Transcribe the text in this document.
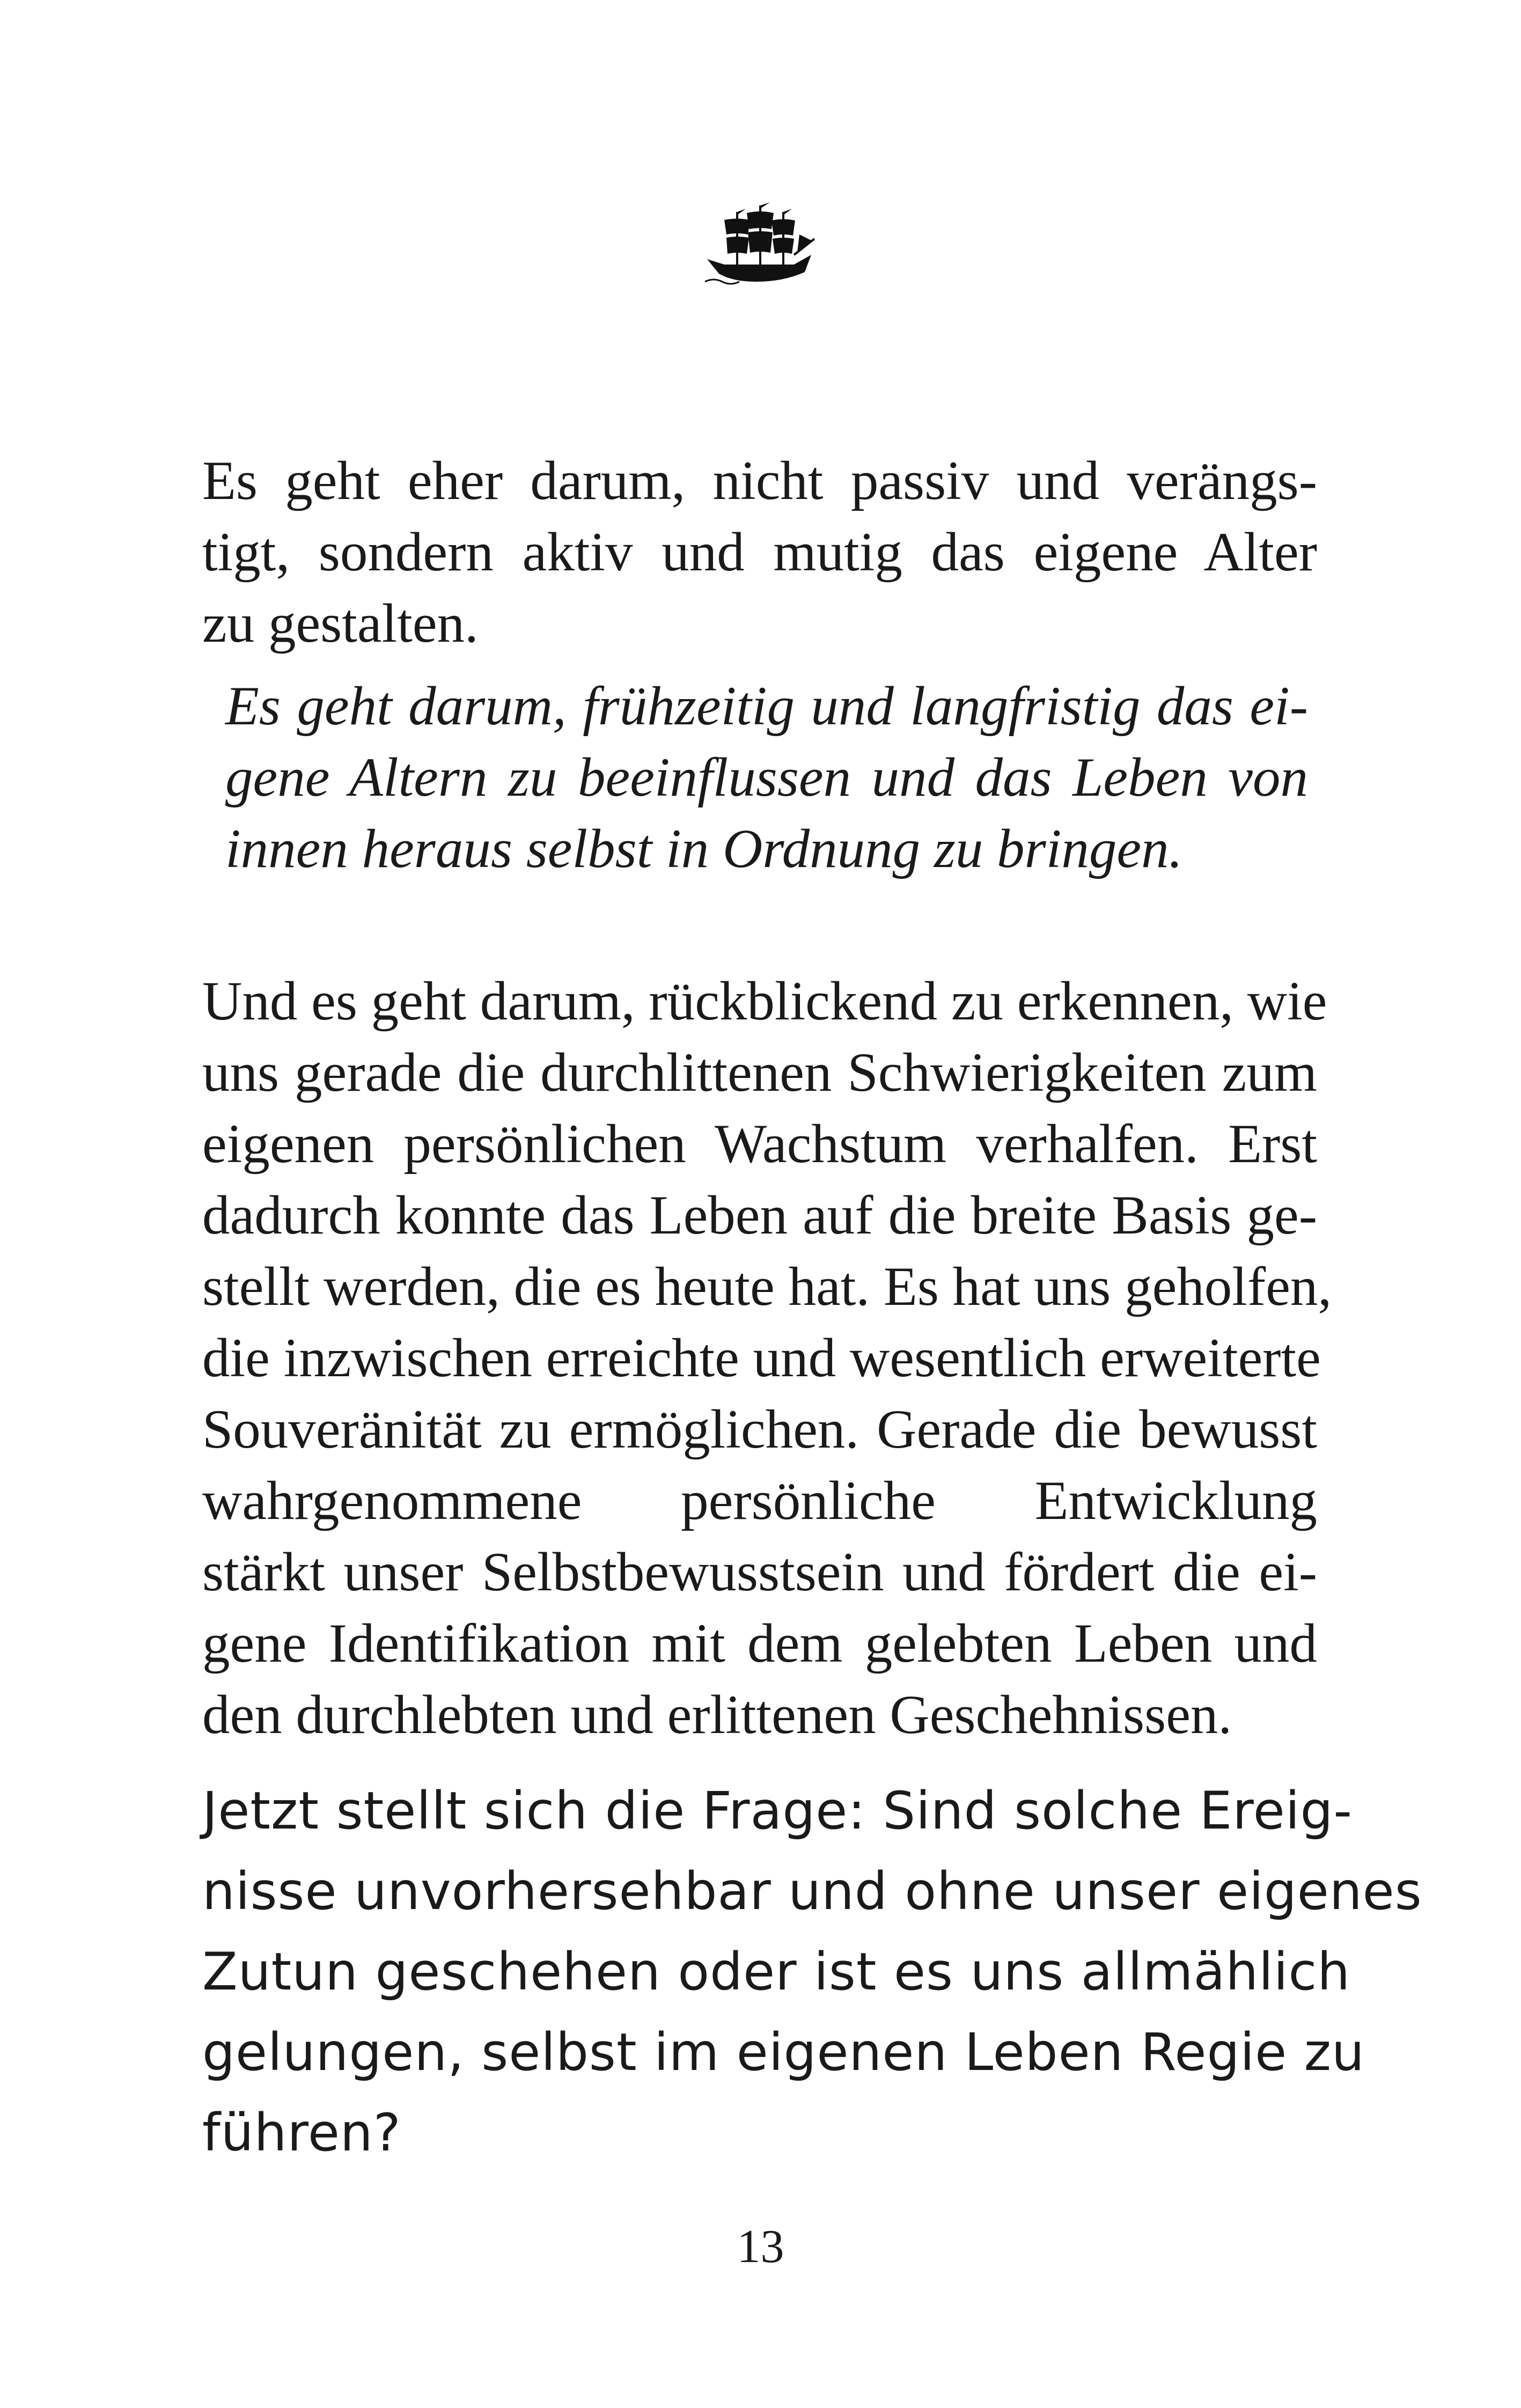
Es geht eher darum, nicht passiv und verängs-
tigt, sondern aktiv und mutig das eigene Alter
zu gestalten.

Es geht darum, frühzeitig und langfristig das ei-
gene Altern zu beeinflussen und das Leben von
innen heraus selbst in Ordnung zu bringen.

Und es geht darum, rückblickend zu erkennen, wie
uns gerade die durchlittenen Schwierigkeiten zum
eigenen persönlichen Wachstum verhalfen. Erst
dadurch konnte das Leben auf die breite Basis ge-
stellt werden, die es heute hat. Es hat uns geholfen,
die inzwischen erreichte und wesentlich erweiterte
Souveränität zu ermöglichen. Gerade die bewusst
wahrgenommene persönliche Entwicklung
stärkt unser Selbstbewusstsein und fördert die ei-
gene Identifikation mit dem gelebten Leben und
den durchlebten und erlittenen Geschehnissen.

Jetzt stellt sich die Frage: Sind solche Ereig-
nisse unvorhersehbar und ohne unser eigenes
Zutun geschehen oder ist es uns allmählich
gelungen, selbst im eigenen Leben Regie zu
führen?

13
